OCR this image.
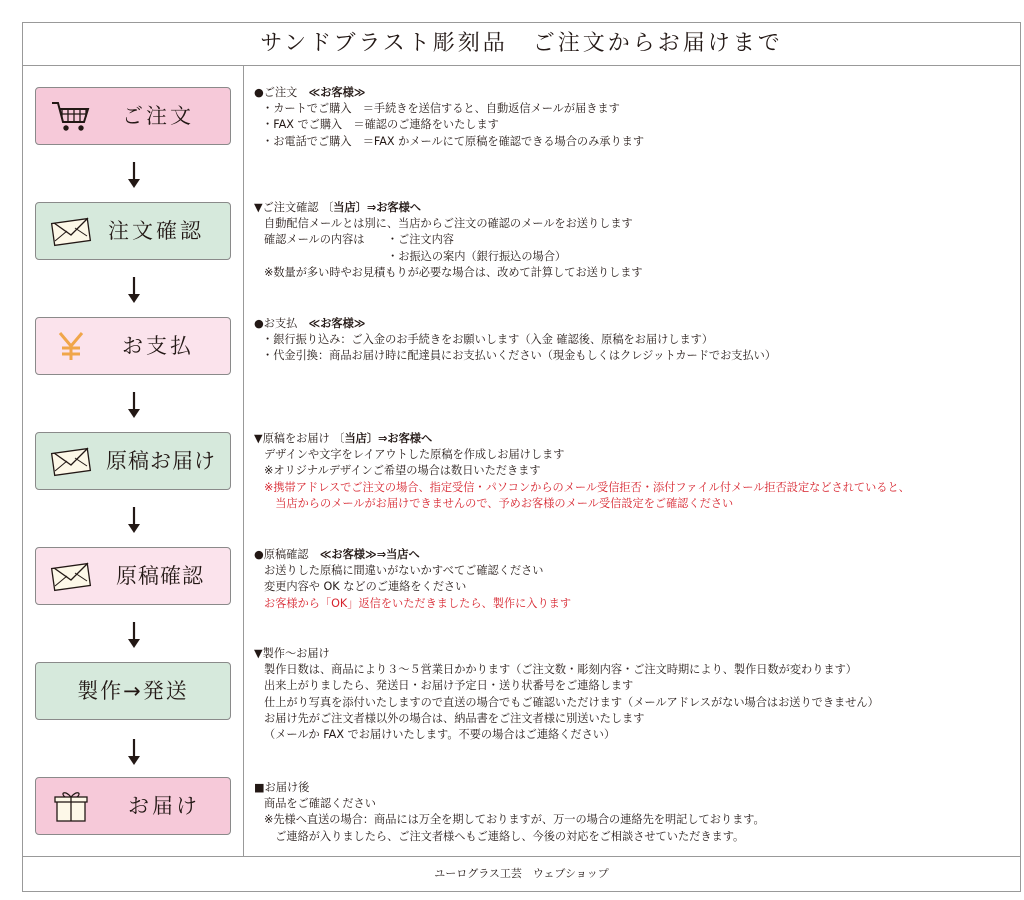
サンドブラスト彫刻品　ご注文からお届けまで
ご注文
注文確認
お支払
原稿お届け
原稿確認
製作→発送
お届け
●ご注文　≪お客様≫
・カートでご購入　＝手続きを送信すると、自動返信メールが届きます
・FAX でご購入　＝確認のご連絡をいたします
・お電話でご購入　＝FAX かメールにて原稿を確認できる場合のみ承ります
▼ご注文確認 〔当店〕⇒お客様へ
自動配信メールとは別に、当店からご注文の確認のメールをお送りします
確認メールの内容は　　・ご注文内容
　　　　　　　　　　　・お振込の案内（銀行振込の場合）
※数量が多い時やお見積もりが必要な場合は、改めて計算してお送りします
●お支払　≪お客様≫
・銀行振り込み：ご入金のお手続きをお願いします（入金 確認後、原稿をお届けします）
・代金引換：商品お届け時に配達員にお支払いください（現金もしくはクレジットカードでお支払い）
▼原稿をお届け 〔当店〕⇒お客様へ
デザインや文字をレイアウトした原稿を作成しお届けします
※オリジナルデザインご希望の場合は数日いただきます
※携帯アドレスでご注文の場合、指定受信・パソコンからのメール受信拒否・添付ファイル付メール拒否設定などされていると、
　当店からのメールがお届けできませんので、予めお客様のメール受信設定をご確認ください
●原稿確認　≪お客様≫⇒当店へ
お送りした原稿に間違いがないかすべてご確認ください
変更内容や OK などのご連絡をください
お客様から「OK」返信をいただきましたら、製作に入ります
▼製作～お届け
製作日数は、商品により３～５営業日かかります（ご注文数・彫刻内容・ご注文時期により、製作日数が変わります）
出来上がりましたら、発送日・お届け予定日・送り状番号をご連絡します
仕上がり写真を添付いたしますので直送の場合でもご確認いただけます（メールアドレスがない場合はお送りできません）
お届け先がご注文者様以外の場合は、納品書をご注文者様に別送いたします
（メールか FAX でお届けいたします。不要の場合はご連絡ください）
■お届け後
商品をご確認ください
※先様へ直送の場合：商品には万全を期しておりますが、万一の場合の連絡先を明記しております。
　ご連絡が入りましたら、ご注文者様へもご連絡し、今後の対応をご相談させていただきます。
ユーログラス工芸　ウェブショップ
